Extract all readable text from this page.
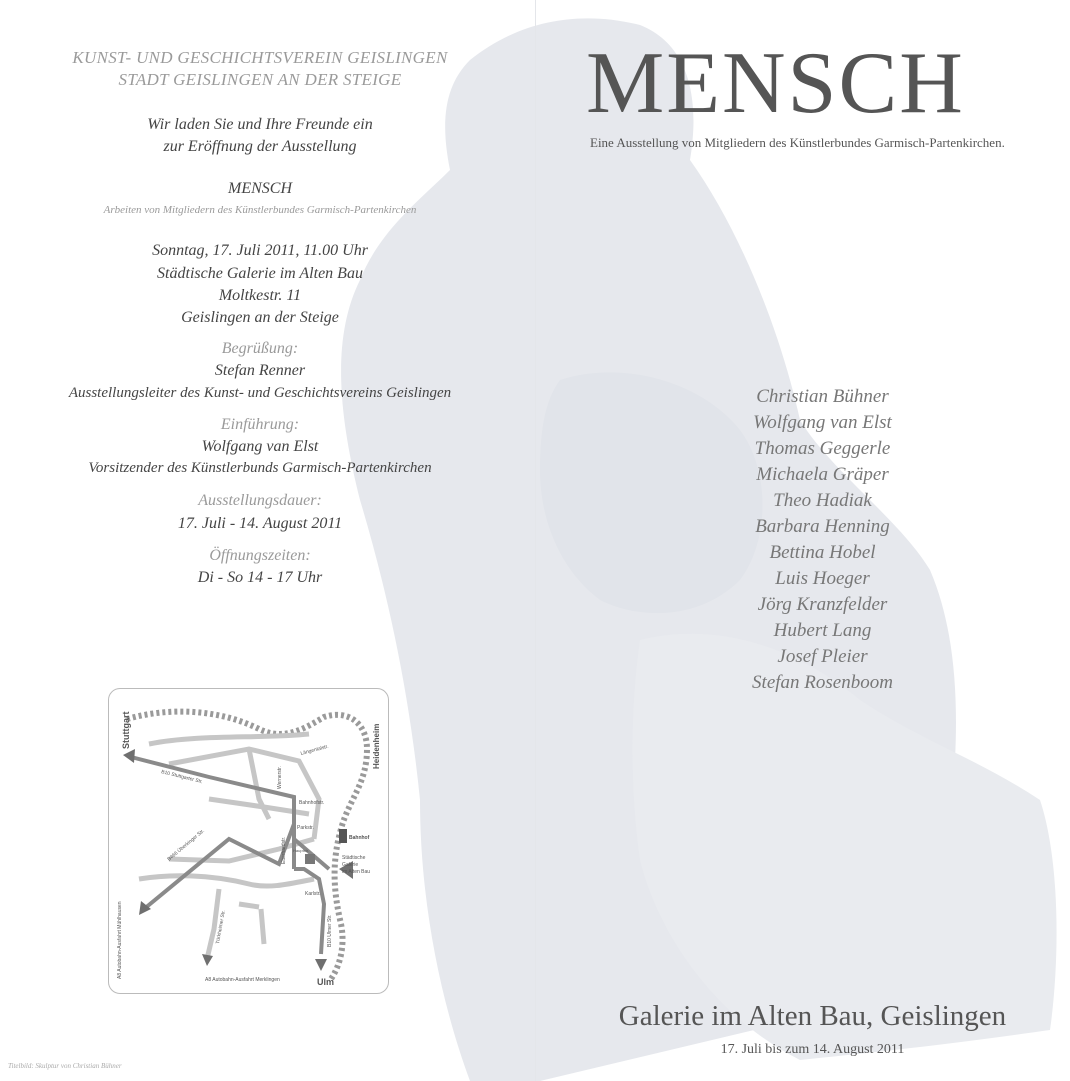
KUNST- UND GESCHICHTSVEREIN GEISLINGEN
STADT GEISLINGEN AN DER STEIGE
Wir laden Sie und Ihre Freunde ein
zur Eröffnung der Ausstellung
MENSCH
Arbeiten von Mitgliedern des Künstlerbundes Garmisch-Partenkirchen
Sonntag, 17. Juli 2011, 11.00 Uhr
Städtische Galerie im Alten Bau
Moltkestr. 11
Geislingen an der Steige
Begrüßung:
Stefan Renner
Ausstellungsleiter des Kunst- und Geschichtsvereins Geislingen
Einführung:
Wolfgang van Elst
Vorsitzender des Künstlerbunds Garmisch-Partenkirchen
Ausstellungsdauer:
17. Juli - 14. August 2011
Öffnungszeiten:
Di - So 14 - 17 Uhr
Stuttgart	Heidenheim
Ulm
B10 Stuttgarter Str.
B466 Überkinger Str.
A8 Autobahn-Ausfahrt Mühlhausen
A8 Autobahn-Ausfahrt Merklingen
Türkheimer Str.	B10 Ulmer Str.
Bahnhof
Städtische
Galerie
im Alten Bau
Parkstr.
Bahnhofstr.
Karlstr.
Längentalstr.
Wernerstr.
Eberhardstr. Hauptstr.
Titelbild: Skulptur von Christian Bühner
MENSCH
Eine Ausstellung von Mitgliedern des Künstlerbundes Garmisch-Partenkirchen.
Christian Bühner
Wolfgang van Elst
Thomas Geggerle
Michaela Gräper
Theo Hadiak
Barbara Henning
Bettina Hobel
Luis Hoeger
Jörg Kranzfelder
Hubert Lang
Josef Pleier
Stefan Rosenboom
Galerie im Alten Bau, Geislingen
17. Juli bis zum 14. August 2011
